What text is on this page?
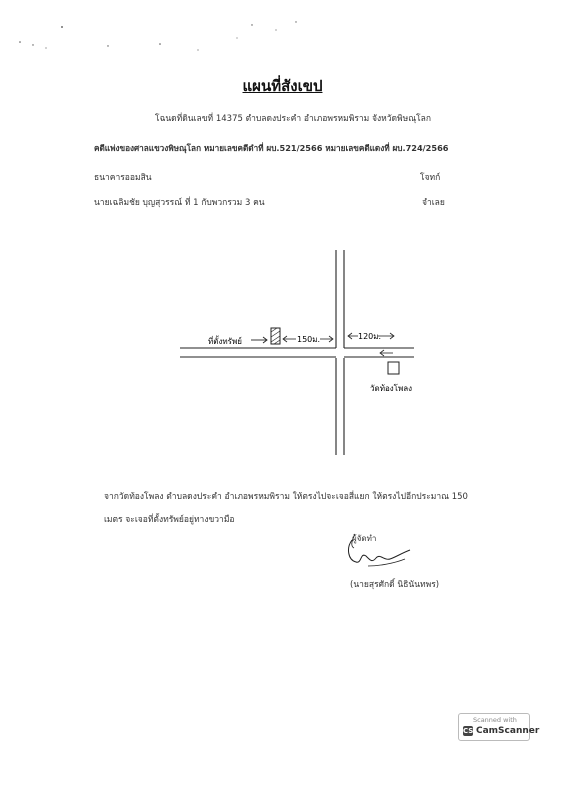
แผนที่สังเขป
โฉนดที่ดินเลขที่ 14375 ตำบลดงประคำ อำเภอพรหมพิราม จังหวัดพิษณุโลก
คดีแพ่งของศาลแขวงพิษณุโลก หมายเลขคดีดำที่ ผบ.521/2566 หมายเลขคดีแดงที่ ผบ.724/2566
ธนาคารออมสิน	โจทก์
นายเฉลิมชัย บุญสุวรรณ์ ที่ 1 กับพวกรวม 3 คน	จำเลย
ที่ตั้งทรัพย์	150ม.	120ม.
วัดท้องโพลง
จากวัดท้องโพลง ตำบลดงประคำ อำเภอพรหมพิราม ให้ตรงไปจะเจอสี่แยก ให้ตรงไปอีกประมาณ 150
เมตร จะเจอที่ตั้งทรัพย์อยู่ทางขวามือ
ผู้จัดทำ
(นายสุรศักดิ์ นิธินันทพร)
Scanned with
CS CamScanner
